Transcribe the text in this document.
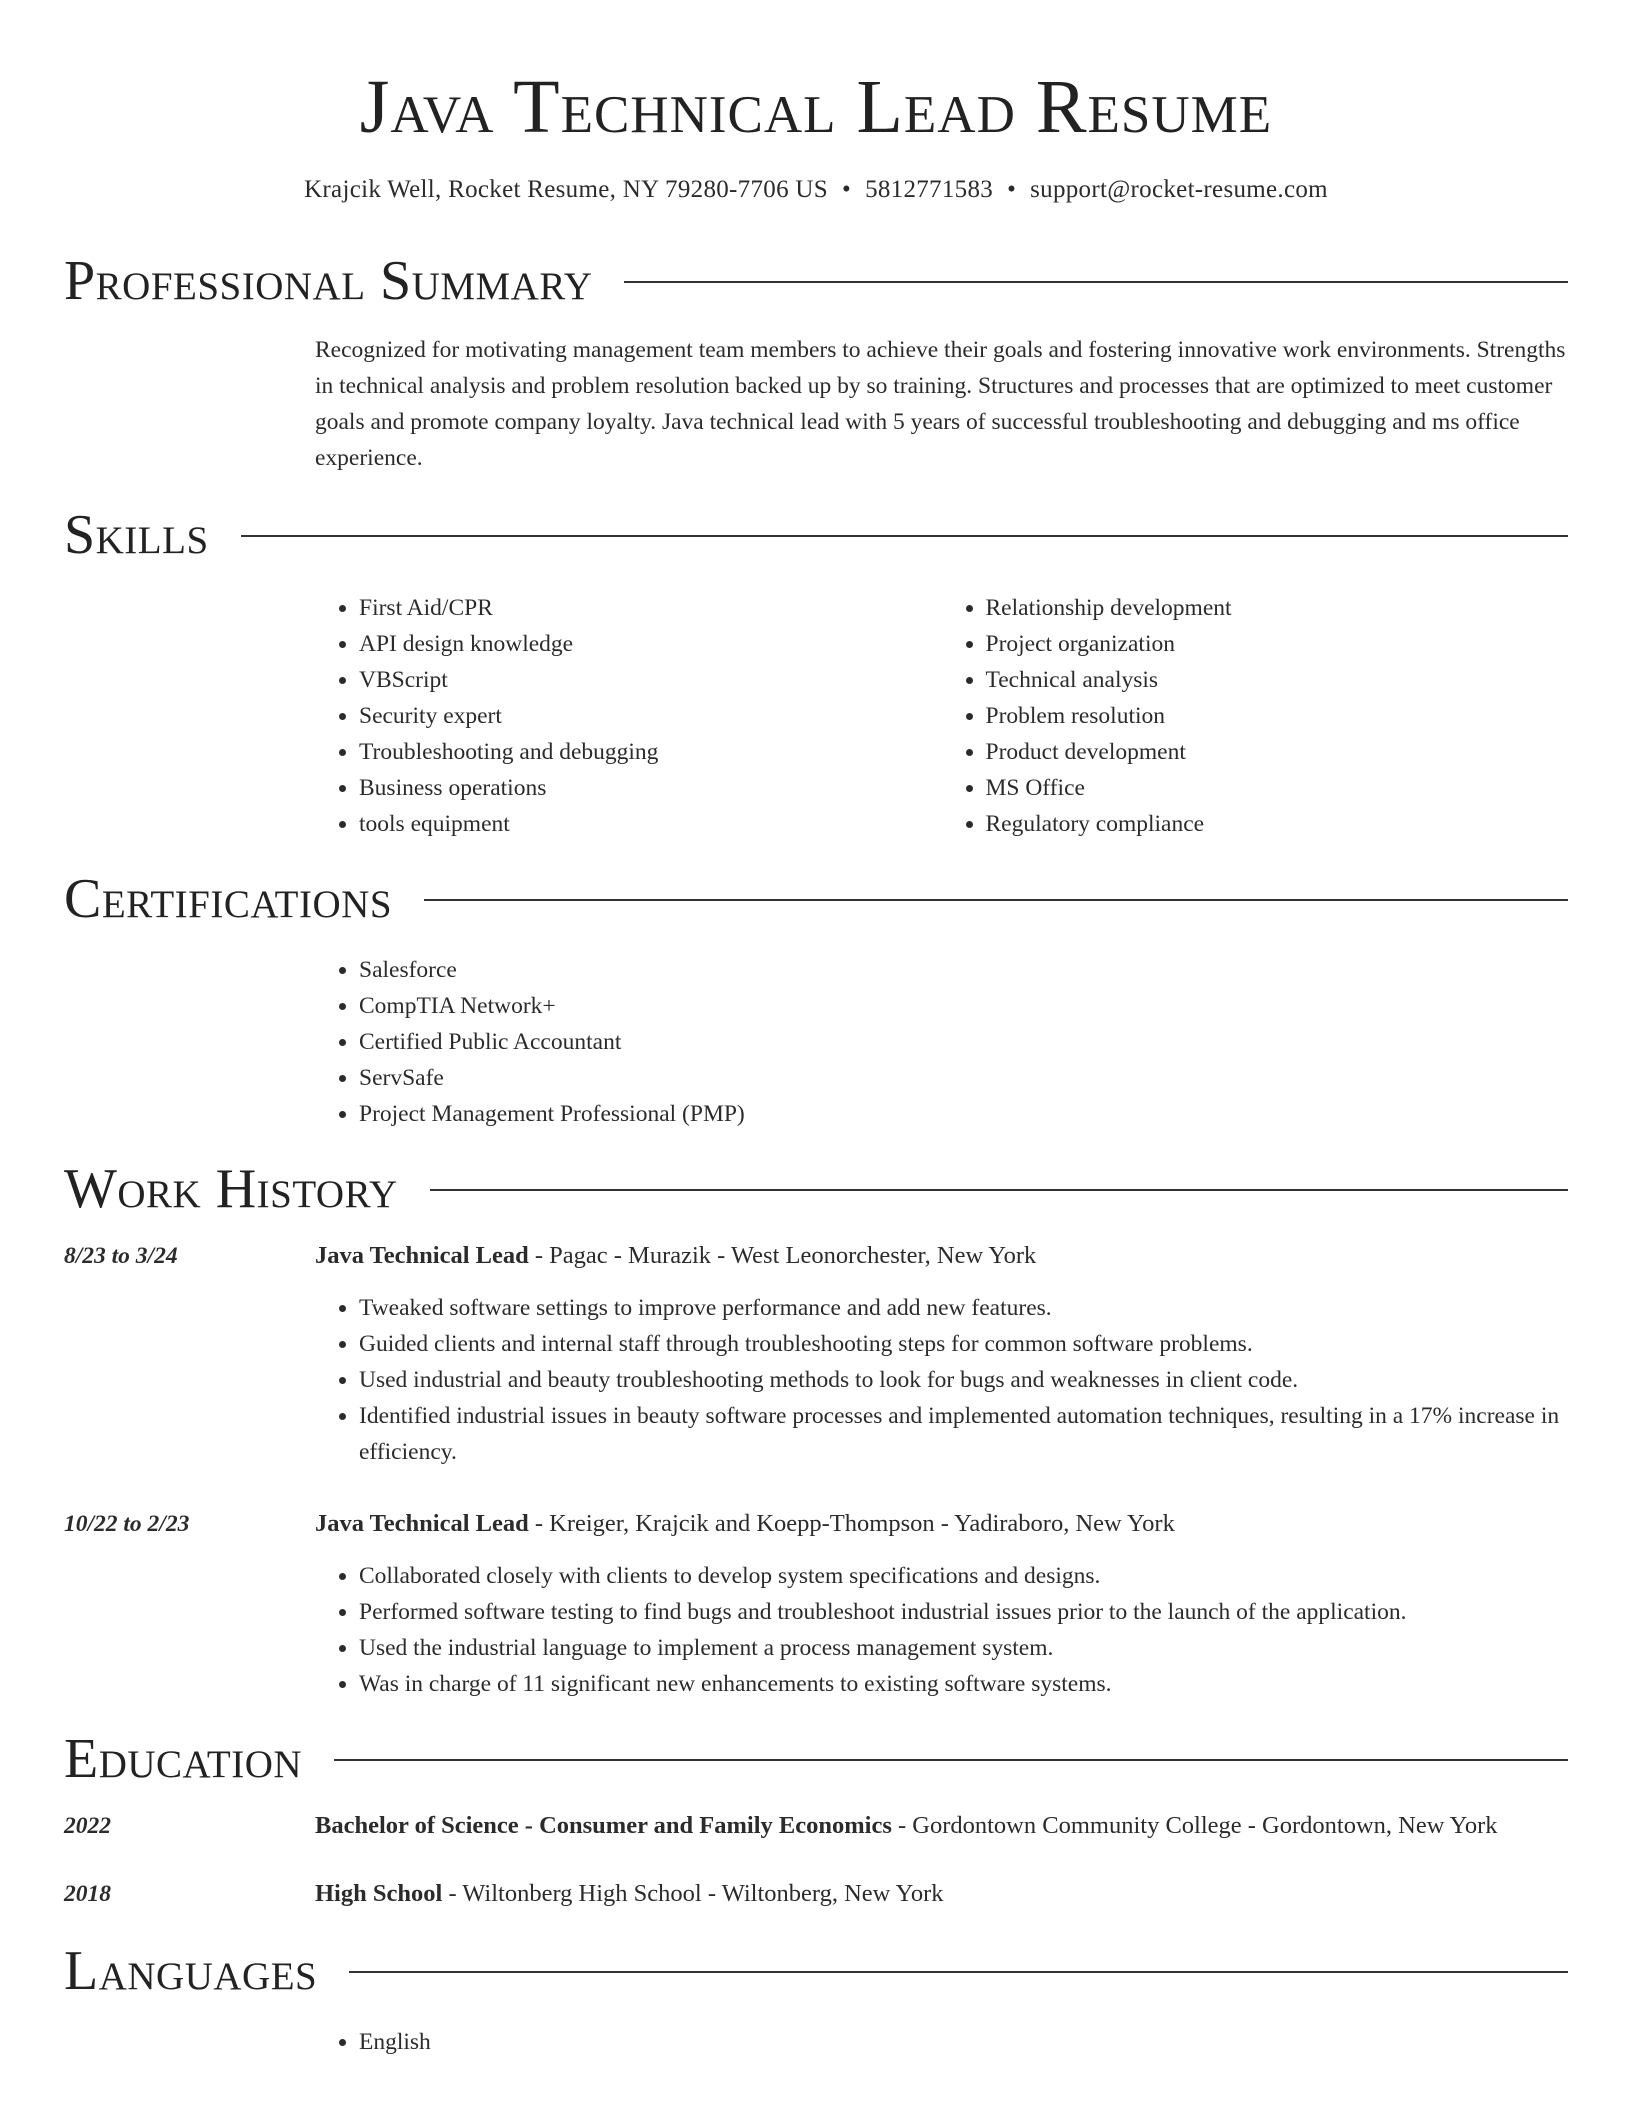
Java Technical Lead Resume
Krajcik Well, Rocket Resume, NY 79280-7706 US • 5812771583 • support@rocket-resume.com
Professional Summary
Recognized for motivating management team members to achieve their goals and fostering innovative work environments. Strengths in technical analysis and problem resolution backed up by so training. Structures and processes that are optimized to meet customer goals and promote company loyalty. Java technical lead with 5 years of successful troubleshooting and debugging and ms office experience.
Skills
• First Aid/CPR
• API design knowledge
• VBScript
• Security expert
• Troubleshooting and debugging
• Business operations
• tools equipment
• Relationship development
• Project organization
• Technical analysis
• Problem resolution
• Product development
• MS Office
• Regulatory compliance
Certifications
• Salesforce
• CompTIA Network+
• Certified Public Accountant
• ServSafe
• Project Management Professional (PMP)
Work History
8/23 to 3/24	Java Technical Lead - Pagac - Murazik - West Leonorchester, New York
• Tweaked software settings to improve performance and add new features.
• Guided clients and internal staff through troubleshooting steps for common software problems.
• Used industrial and beauty troubleshooting methods to look for bugs and weaknesses in client code.
• Identified industrial issues in beauty software processes and implemented automation techniques, resulting in a 17% increase in efficiency.
10/22 to 2/23	Java Technical Lead - Kreiger, Krajcik and Koepp-Thompson - Yadiraboro, New York
• Collaborated closely with clients to develop system specifications and designs.
• Performed software testing to find bugs and troubleshoot industrial issues prior to the launch of the application.
• Used the industrial language to implement a process management system.
• Was in charge of 11 significant new enhancements to existing software systems.
Education
2022	Bachelor of Science - Consumer and Family Economics - Gordontown Community College - Gordontown, New York
2018	High School - Wiltonberg High School - Wiltonberg, New York
Languages
• English
